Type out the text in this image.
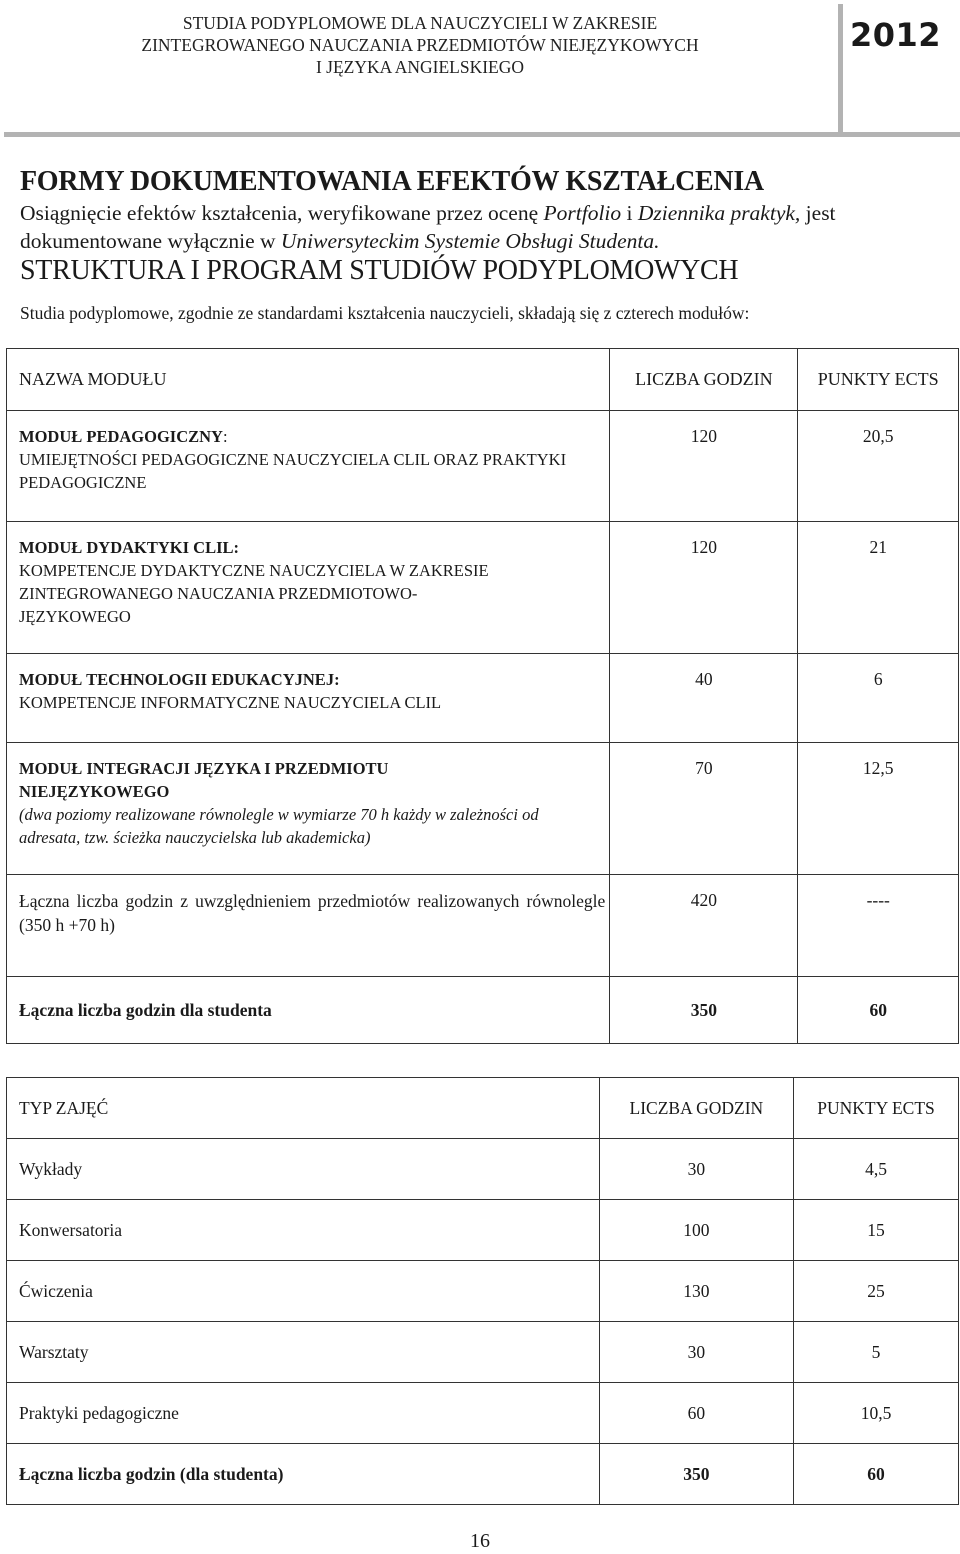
STUDIA PODYPLOMOWE DLA NAUCZYCIELI W ZAKRESIE
ZINTEGROWANEGO NAUCZANIA PRZEDMIOTÓW NIEJĘZYKOWYCH
I JĘZYKA ANGIELSKIEGO
2012
FORMY DOKUMENTOWANIA EFEKTÓW KSZTAŁCENIA
Osiągnięcie efektów kształcenia, weryfikowane przez ocenę Portfolio i Dziennika praktyk, jest dokumentowane wyłącznie w Uniwersyteckim Systemie Obsługi Studenta.
STRUKTURA I PROGRAM STUDIÓW PODYPLOMOWYCH
Studia podyplomowe, zgodnie ze standardami kształcenia nauczycieli, składają się z czterech modułów:
NAZWA MODUŁU	LICZBA GODZIN	PUNKTY ECTS
MODUŁ PEDAGOGICZNY:
UMIEJĘTNOŚCI PEDAGOGICZNE NAUCZYCIELA CLIL ORAZ PRAKTYKI PEDAGOGICZNE	120	20,5
MODUŁ DYDAKTYKI CLIL:
KOMPETENCJE DYDAKTYCZNE NAUCZYCIELA W ZAKRESIE ZINTEGROWANEGO NAUCZANIA PRZEDMIOTOWO-JĘZYKOWEGO	120	21
MODUŁ TECHNOLOGII EDUKACYJNEJ:
KOMPETENCJE INFORMATYCZNE NAUCZYCIELA CLIL	40	6
MODUŁ INTEGRACJI JĘZYKA I PRZEDMIOTU NIEJĘZYKOWEGO
(dwa poziomy realizowane równolegle w wymiarze 70 h każdy w zależności od adresata, tzw. ścieżka nauczycielska lub akademicka)	70	12,5
Łączna liczba godzin z uwzględnieniem przedmiotów realizowanych równolegle (350 h +70 h)	420	----
Łączna liczba godzin dla studenta	350	60
TYP ZAJĘĆ	LICZBA GODZIN	PUNKTY ECTS
Wykłady	30	4,5
Konwersatoria	100	15
Ćwiczenia	130	25
Warsztaty	30	5
Praktyki pedagogiczne	60	10,5
Łączna liczba godzin (dla studenta)	350	60
16
